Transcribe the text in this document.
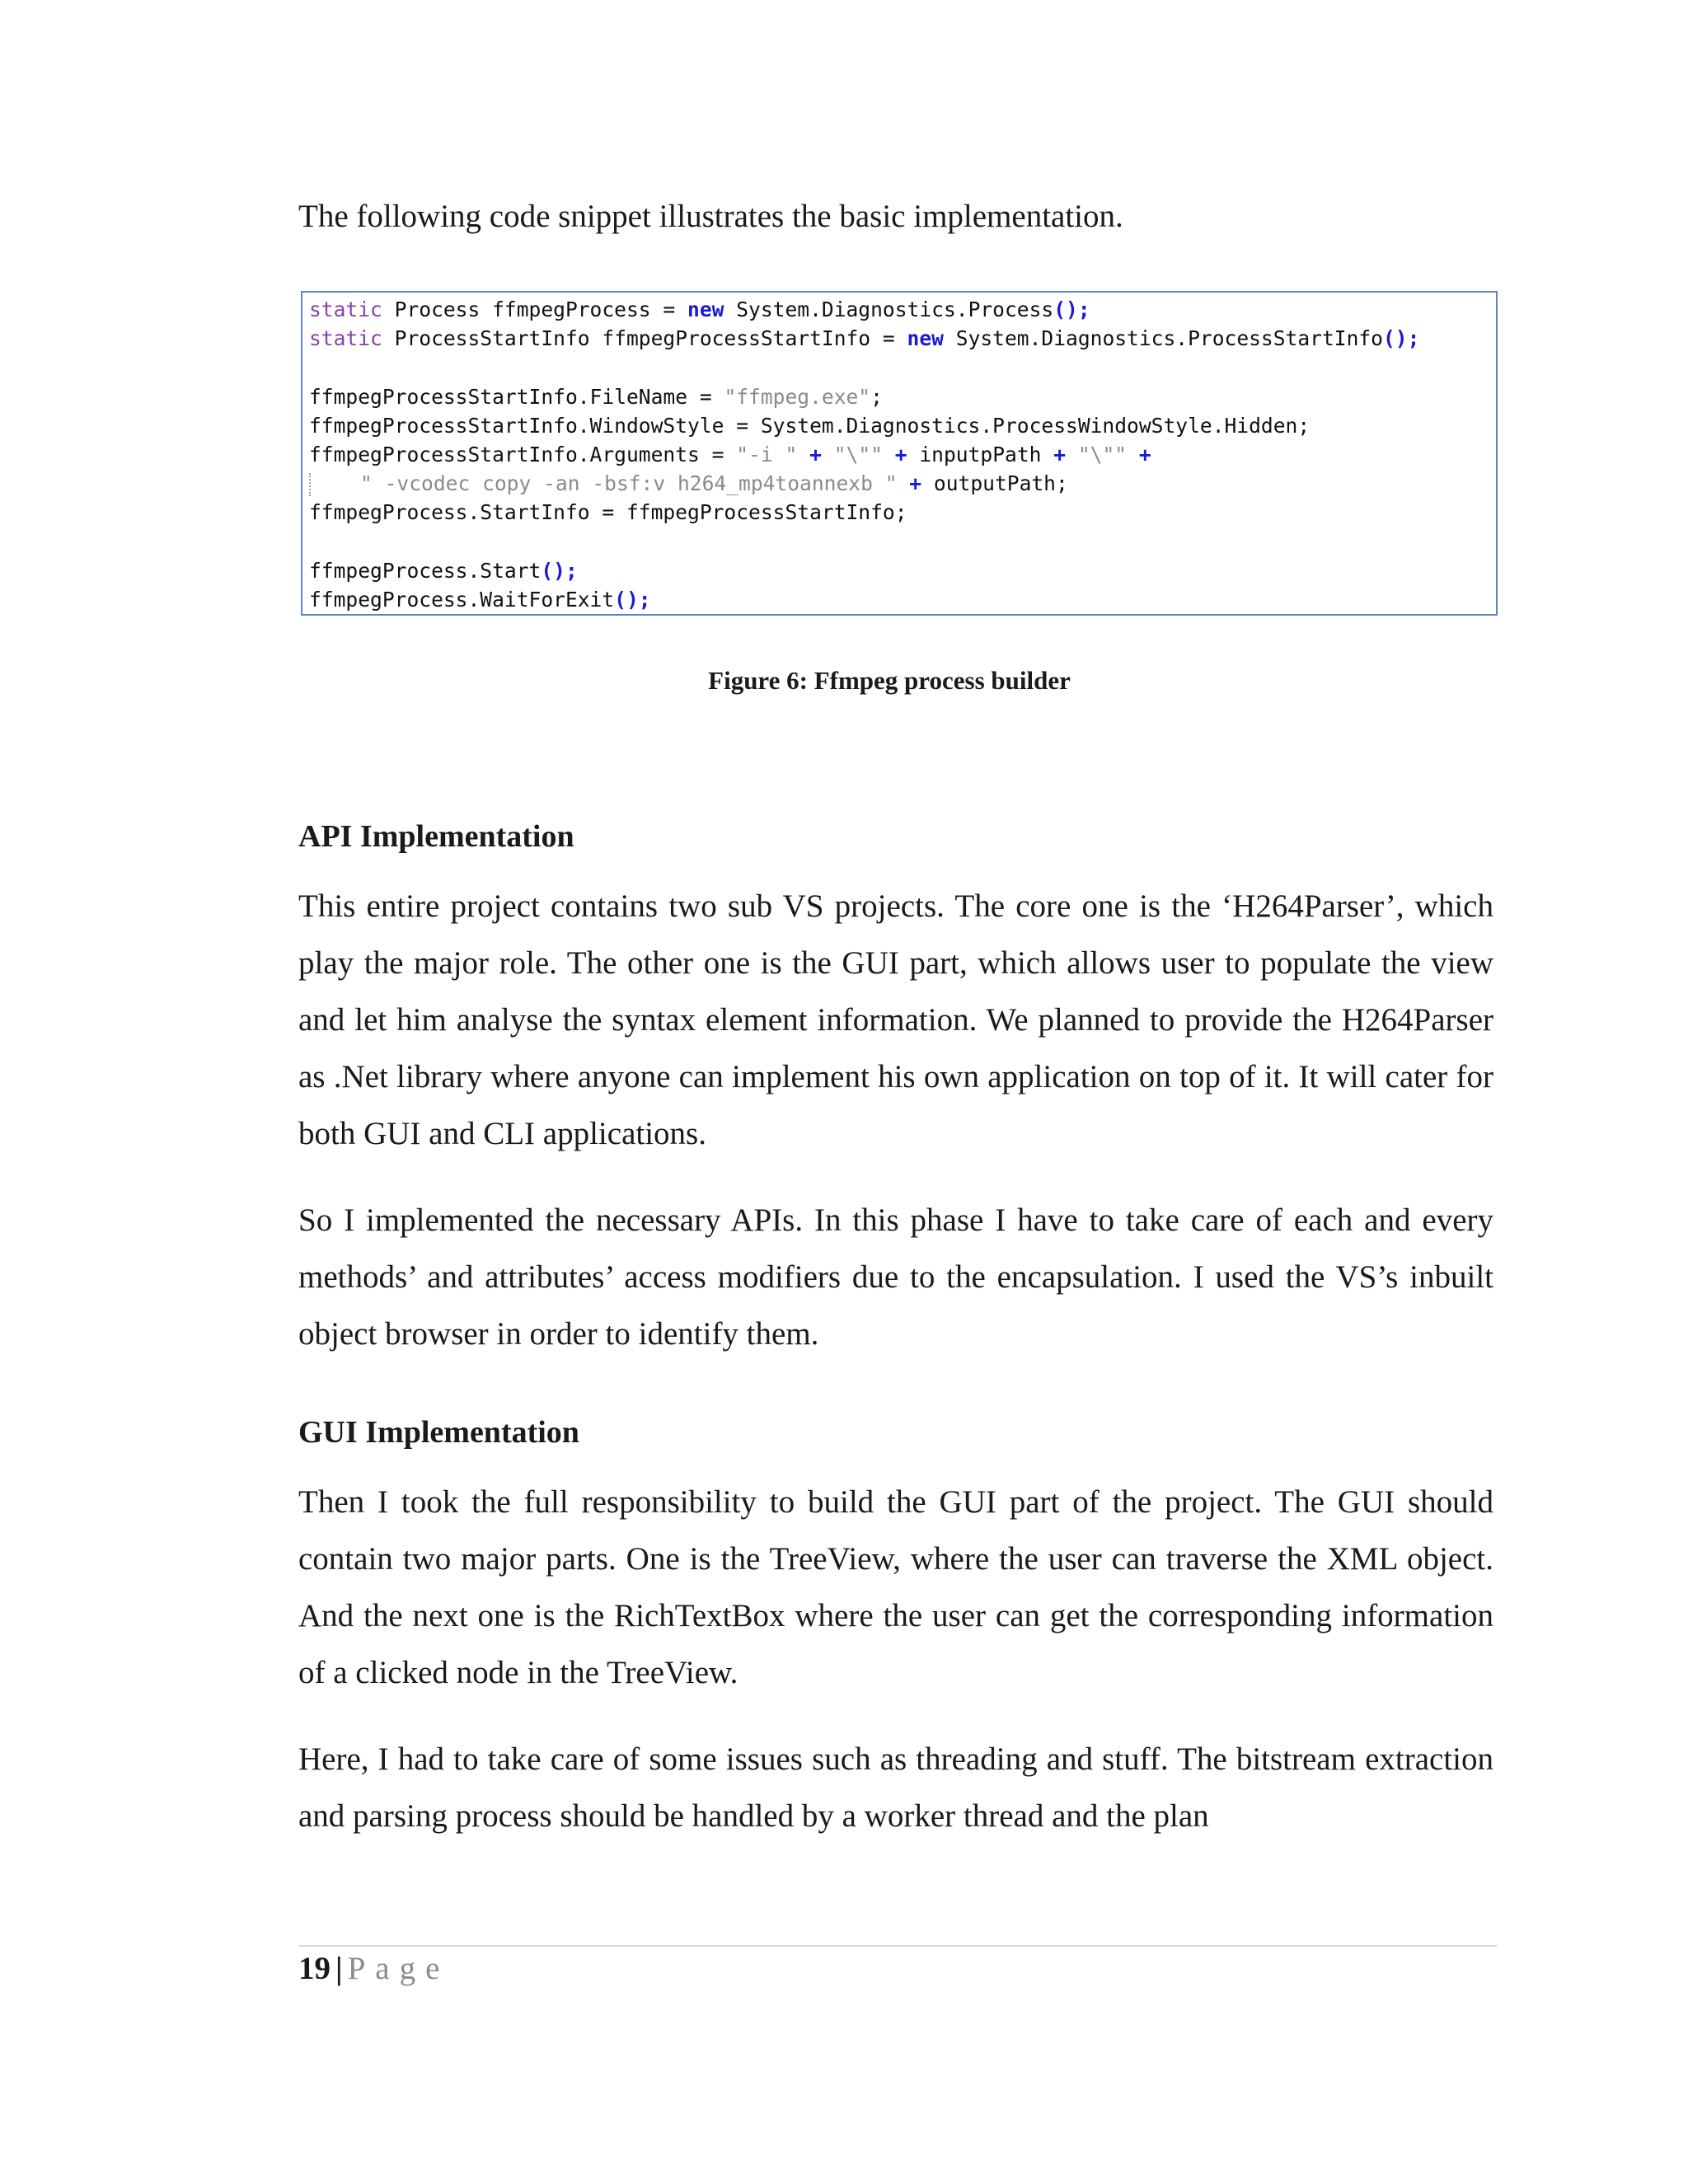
The following code snippet illustrates the basic implementation.

static Process ffmpegProcess = new System.Diagnostics.Process();
static ProcessStartInfo ffmpegProcessStartInfo = new System.Diagnostics.ProcessStartInfo();
ffmpegProcessStartInfo.FileName = "ffmpeg.exe";
ffmpegProcessStartInfo.WindowStyle = System.Diagnostics.ProcessWindowStyle.Hidden;
ffmpegProcessStartInfo.Arguments = "-i " + "\"" + inputpPath + "\"" +
" -vcodec copy -an -bsf:v h264_mp4toannexb " + outputPath;
ffmpegProcess.StartInfo = ffmpegProcessStartInfo;
ffmpegProcess.Start();
ffmpegProcess.WaitForExit();
Figure 6: Ffmpeg process builder
API Implementation

This entire project contains two sub VS projects. The core one is the ‘H264Parser’, which play the major role. The other one is the GUI part, which allows user to populate the view and let him analyse the syntax element information. We planned to provide the H264Parser as .Net library where anyone can implement his own application on top of it. It will cater for both GUI and CLI applications.

So I implemented the necessary APIs. In this phase I have to take care of each and every methods’ and attributes’ access modifiers due to the encapsulation. I used the VS’s inbuilt object browser in order to identify them.

GUI Implementation

Then I took the full responsibility to build the GUI part of the project. The GUI should contain two major parts. One is the TreeView, where the user can traverse the XML object. And the next one is the RichTextBox where the user can get the corresponding information of a clicked node in the TreeView.

Here, I had to take care of some issues such as threading and stuff. The bitstream extraction and parsing process should be handled by a worker thread and the plan

19 | Page
